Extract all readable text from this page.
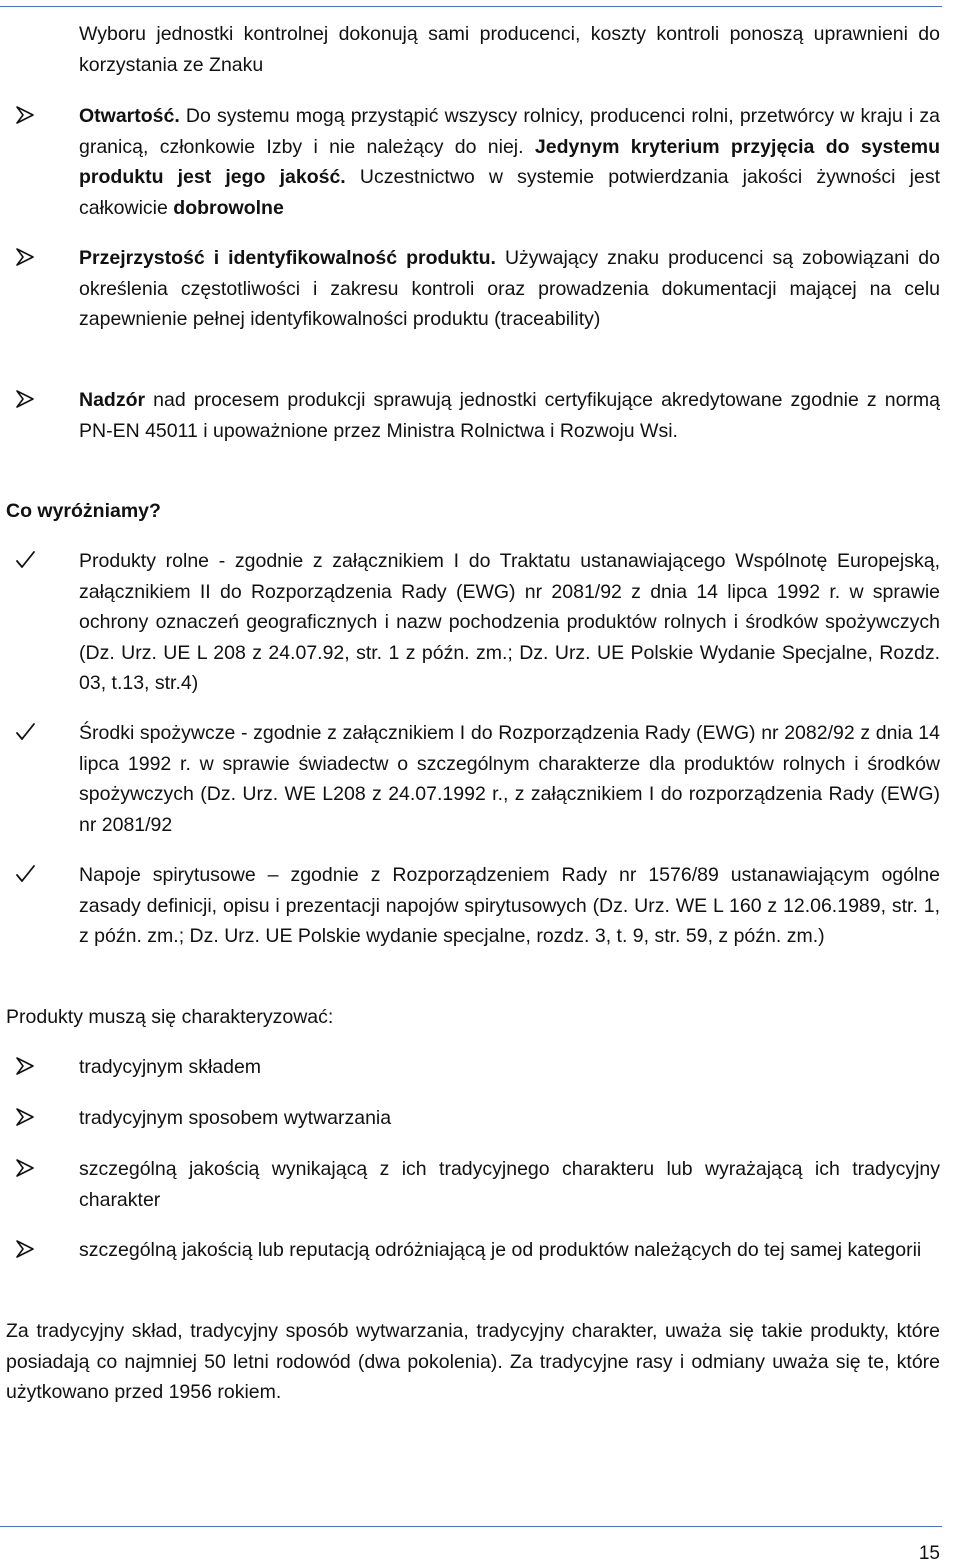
Wyboru jednostki kontrolnej dokonują sami producenci, koszty kontroli ponoszą uprawnieni do korzystania ze Znaku

Otwartość. Do systemu mogą przystąpić wszyscy rolnicy, producenci rolni, przetwórcy w kraju i za granicą, członkowie Izby i nie należący do niej. Jedynym kryterium przyjęcia do systemu produktu jest jego jakość. Uczestnictwo w systemie potwierdzania jakości żywności jest całkowicie dobrowolne

Przejrzystość i identyfikowalność produktu. Używający znaku producenci są zobowiązani do określenia częstotliwości i zakresu kontroli oraz prowadzenia dokumentacji mającej na celu zapewnienie pełnej identyfikowalności produktu (traceability)

Nadzór nad procesem produkcji sprawują jednostki certyfikujące akredytowane zgodnie z normą PN-EN 45011 i upoważnione przez Ministra Rolnictwa i Rozwoju Wsi.

Co wyróżniamy?

Produkty rolne - zgodnie z załącznikiem I do Traktatu ustanawiającego Wspólnotę Europejską, załącznikiem II do Rozporządzenia Rady (EWG) nr 2081/92 z dnia 14 lipca 1992 r. w sprawie ochrony oznaczeń geograficznych i nazw pochodzenia produktów rolnych i środków spożywczych (Dz. Urz. UE L 208 z 24.07.92, str. 1 z późn. zm.; Dz. Urz. UE Polskie Wydanie Specjalne, Rozdz. 03, t.13, str.4)

Środki spożywcze - zgodnie z załącznikiem I do Rozporządzenia Rady (EWG) nr 2082/92 z dnia 14 lipca 1992 r. w sprawie świadectw o szczególnym charakterze dla produktów rolnych i środków spożywczych (Dz. Urz. WE L208 z 24.07.1992 r., z załącznikiem I do rozporządzenia Rady (EWG) nr 2081/92

Napoje spirytusowe – zgodnie z Rozporządzeniem Rady nr 1576/89 ustanawiającym ogólne zasady definicji, opisu i prezentacji napojów spirytusowych (Dz. Urz. WE L 160 z 12.06.1989, str. 1, z późn. zm.; Dz. Urz. UE Polskie wydanie specjalne, rozdz. 3, t. 9, str. 59, z późn. zm.)

Produkty muszą się charakteryzować:

tradycyjnym składem

tradycyjnym sposobem wytwarzania

szczególną jakością wynikającą z ich tradycyjnego charakteru lub wyrażającą ich tradycyjny charakter

szczególną jakością lub reputacją odróżniającą je od produktów należących do tej samej kategorii

Za tradycyjny skład, tradycyjny sposób wytwarzania, tradycyjny charakter, uważa się takie produkty, które posiadają co najmniej 50 letni rodowód (dwa pokolenia). Za tradycyjne rasy i odmiany uważa się te, które użytkowano przed 1956 rokiem.

15
